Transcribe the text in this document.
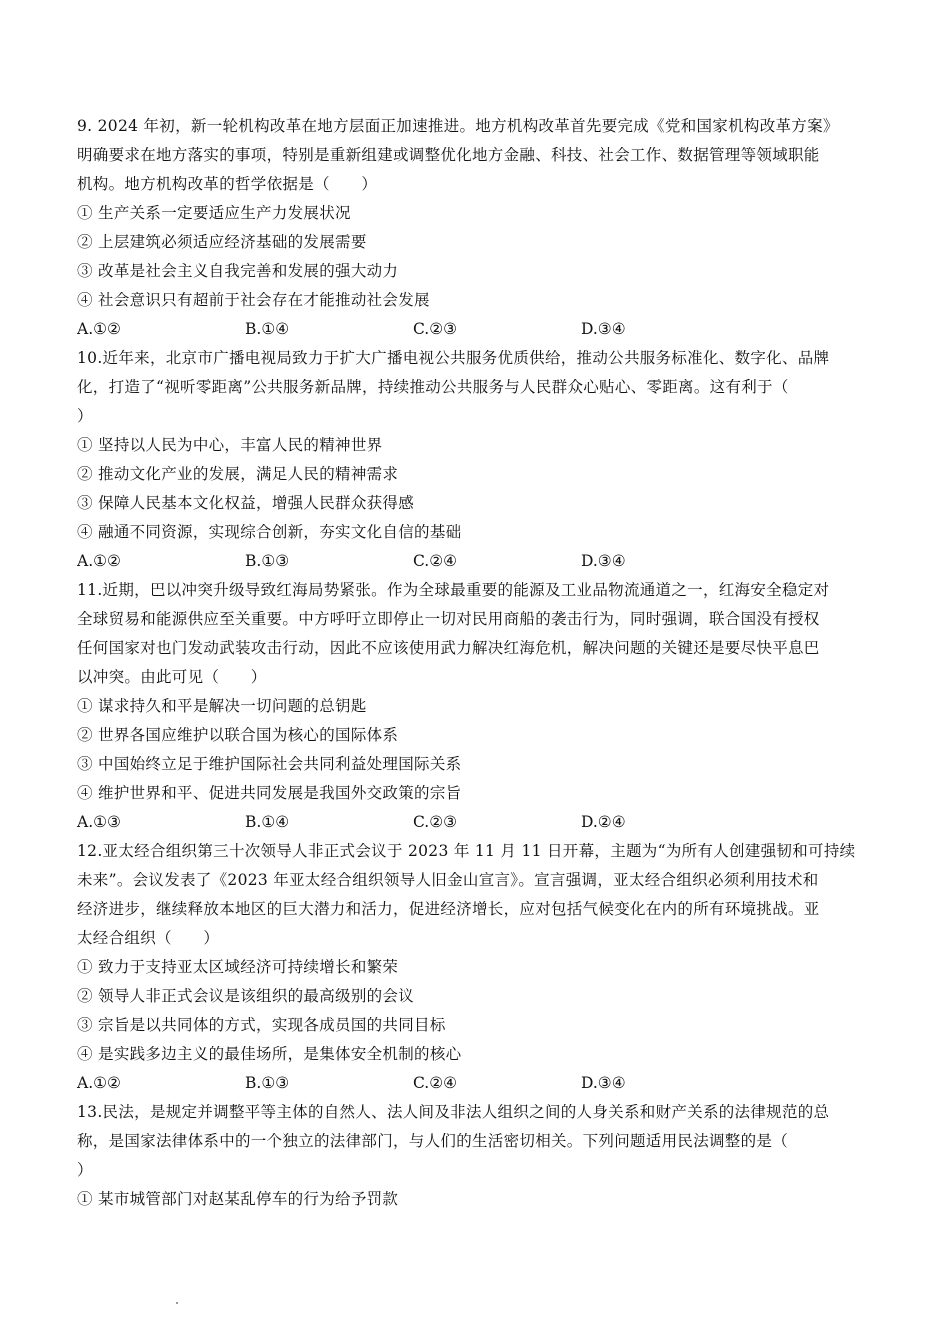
9. 2024 年初，新一轮机构改革在地方层面正加速推进。地方机构改革首先要完成《党和国家机构改革方案》
明确要求在地方落实的事项，特别是重新组建或调整优化地方金融、科技、社会工作、数据管理等领域职能
机构。地方机构改革的哲学依据是（　　）
① 生产关系一定要适应生产力发展状况
② 上层建筑必须适应经济基础的发展需要
③ 改革是社会主义自我完善和发展的强大动力
④ 社会意识只有超前于社会存在才能推动社会发展
A.①②	B.①④	C.②③	D.③④
10.近年来，北京市广播电视局致力于扩大广播电视公共服务优质供给，推动公共服务标准化、数字化、品牌
化，打造了“视听零距离”公共服务新品牌，持续推动公共服务与人民群众心贴心、零距离。这有利于（
）
① 坚持以人民为中心，丰富人民的精神世界
② 推动文化产业的发展，满足人民的精神需求
③ 保障人民基本文化权益，增强人民群众获得感
④ 融通不同资源，实现综合创新，夯实文化自信的基础
A.①②	B.①③	C.②④	D.③④
11.近期，巴以冲突升级导致红海局势紧张。作为全球最重要的能源及工业品物流通道之一，红海安全稳定对
全球贸易和能源供应至关重要。中方呼吁立即停止一切对民用商船的袭击行为，同时强调，联合国没有授权
任何国家对也门发动武装攻击行动，因此不应该使用武力解决红海危机，解决问题的关键还是要尽快平息巴
以冲突。由此可见（　　）
① 谋求持久和平是解决一切问题的总钥匙
② 世界各国应维护以联合国为核心的国际体系
③ 中国始终立足于维护国际社会共同利益处理国际关系
④ 维护世界和平、促进共同发展是我国外交政策的宗旨
A.①③	B.①④	C.②③	D.②④
12.亚太经合组织第三十次领导人非正式会议于 2023 年 11 月 11 日开幕，主题为“为所有人创建强韧和可持续
未来”。会议发表了《2023 年亚太经合组织领导人旧金山宣言》。宣言强调，亚太经合组织必须利用技术和
经济进步，继续释放本地区的巨大潜力和活力，促进经济增长，应对包括气候变化在内的所有环境挑战。亚
太经合组织（　　）
① 致力于支持亚太区域经济可持续增长和繁荣
② 领导人非正式会议是该组织的最高级别的会议
③ 宗旨是以共同体的方式，实现各成员国的共同目标
④ 是实践多边主义的最佳场所，是集体安全机制的核心
A.①②	B.①③	C.②④	D.③④
13.民法，是规定并调整平等主体的自然人、法人间及非法人组织之间的人身关系和财产关系的法律规范的总
称，是国家法律体系中的一个独立的法律部门，与人们的生活密切相关。下列问题适用民法调整的是（
）
① 某市城管部门对赵某乱停车的行为给予罚款
